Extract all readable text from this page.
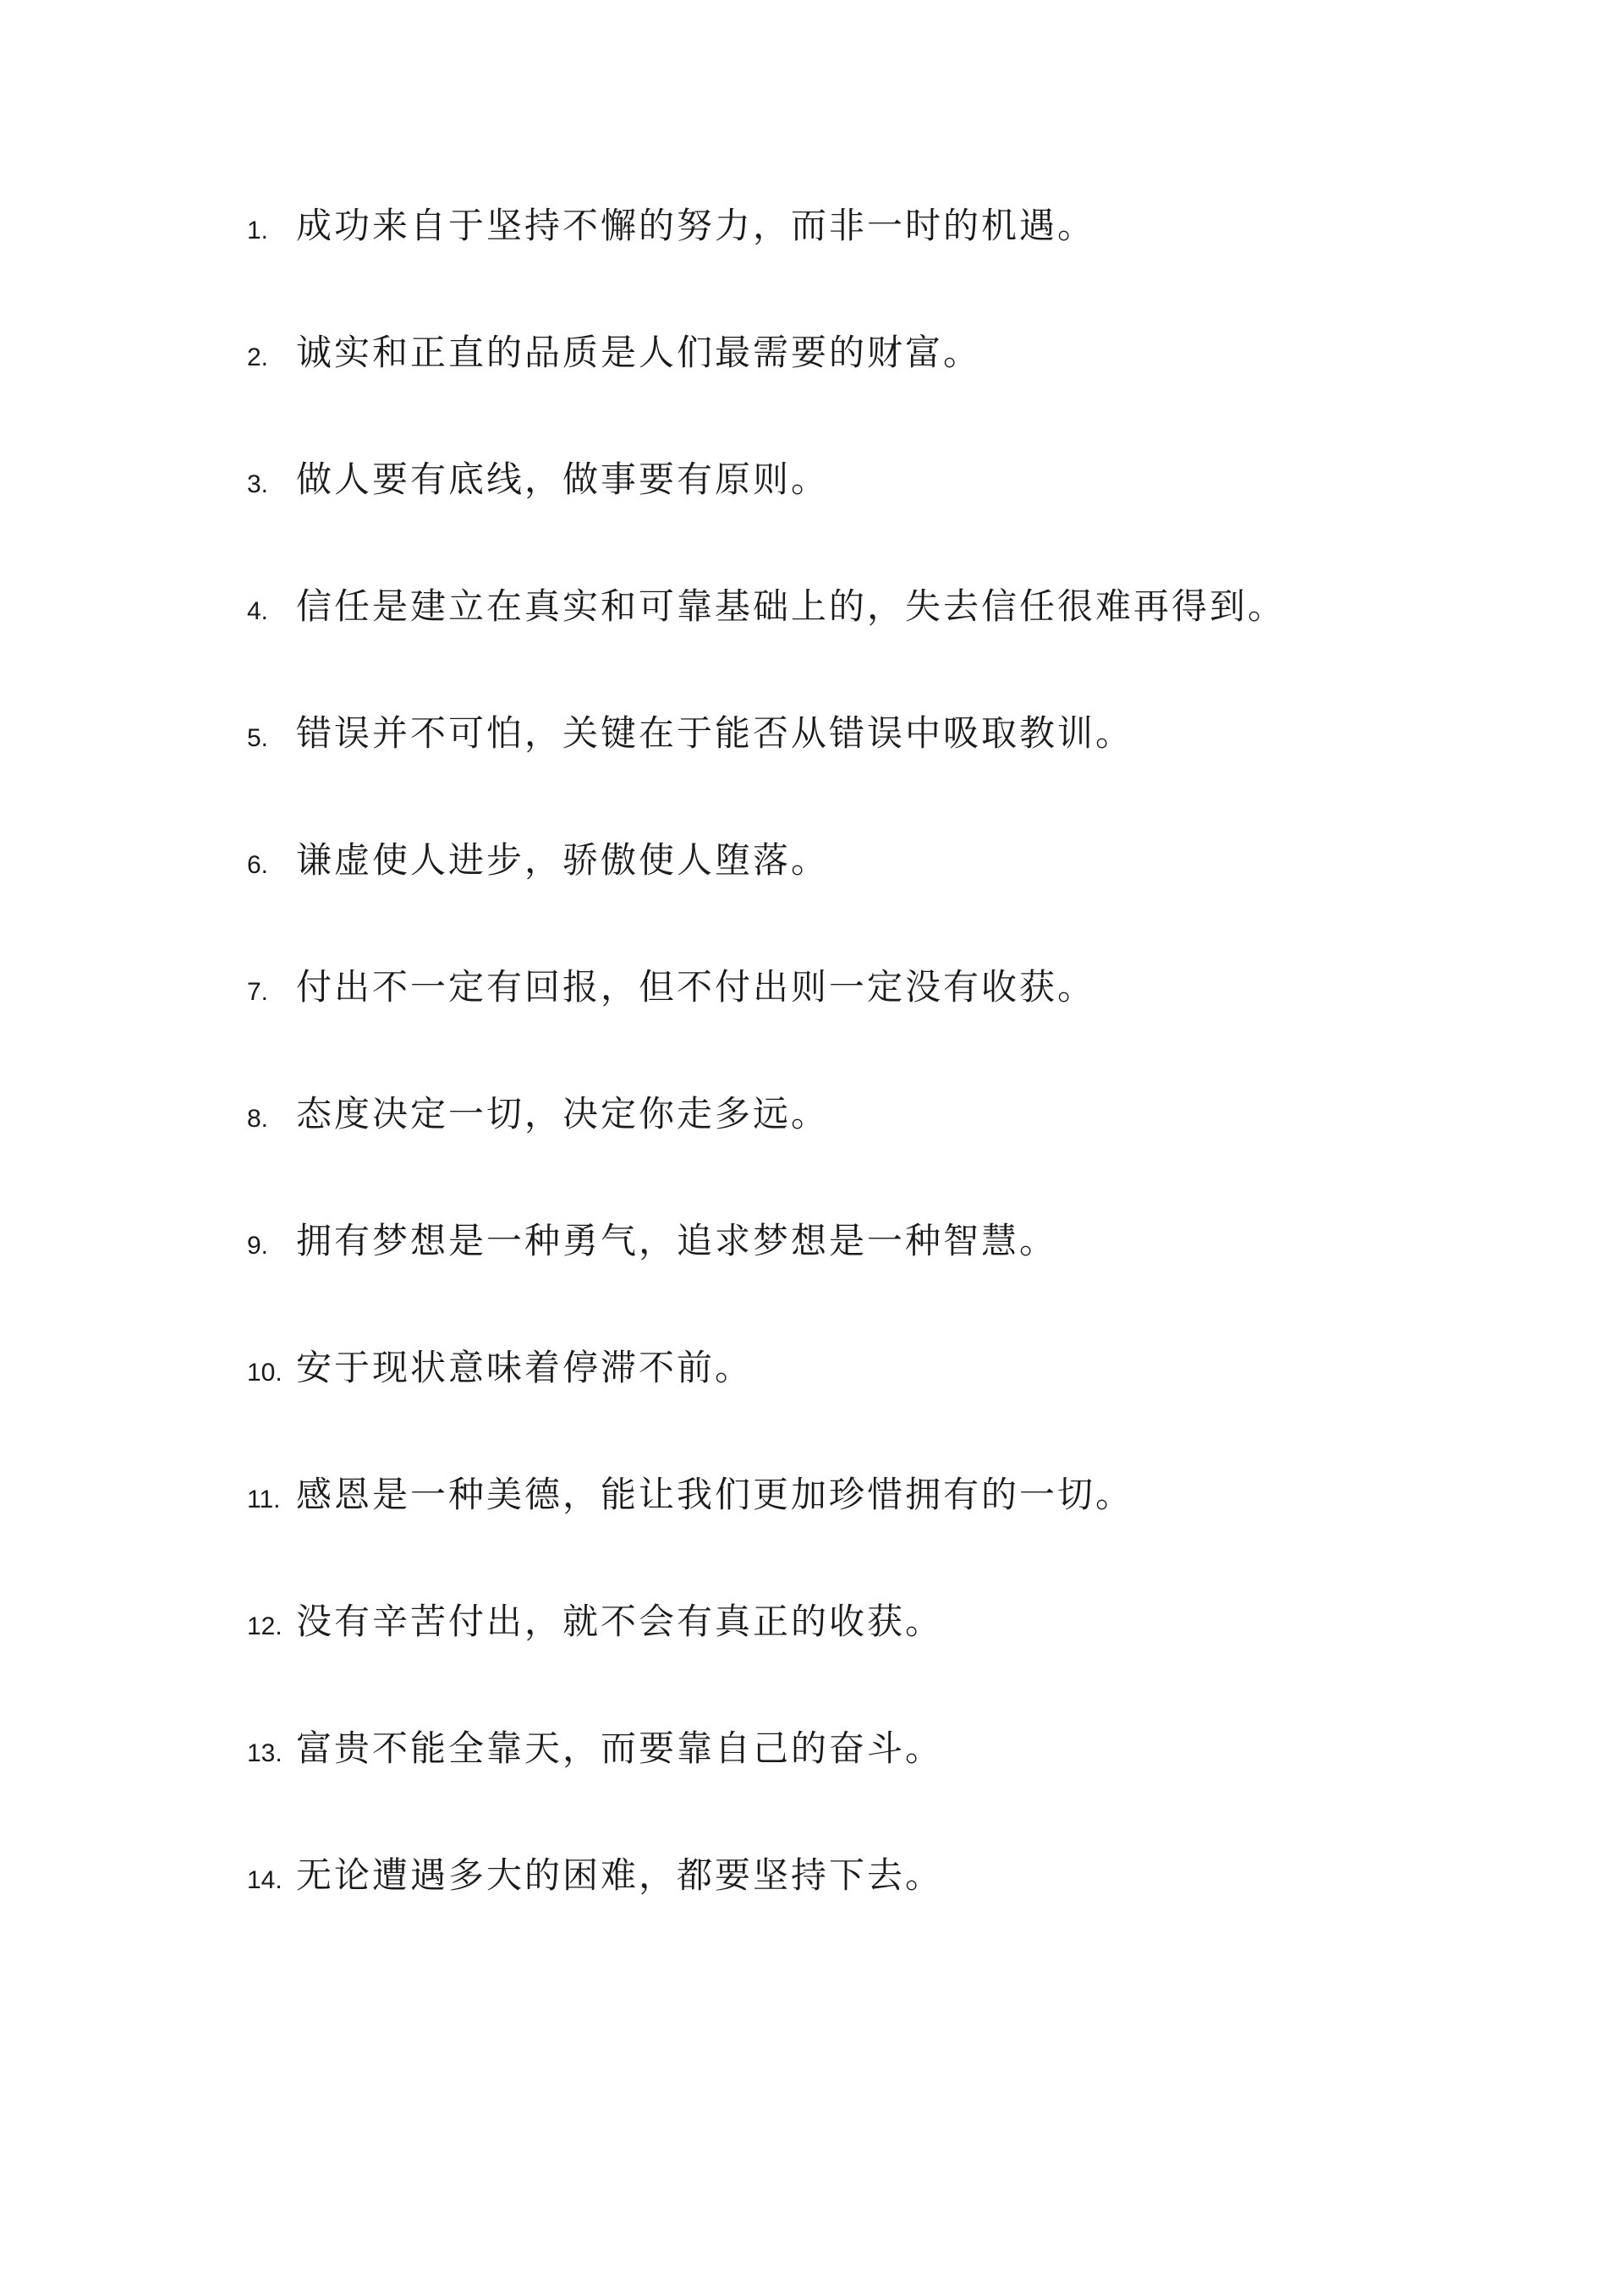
1. 成功来自于坚持不懈的努力，而非一时的机遇。
2. 诚实和正直的品质是人们最需要的财富。
3. 做人要有底线，做事要有原则。
4. 信任是建立在真实和可靠基础上的，失去信任很难再得到。
5. 错误并不可怕，关键在于能否从错误中吸取教训。
6. 谦虚使人进步，骄傲使人堕落。
7. 付出不一定有回报，但不付出则一定没有收获。
8. 态度决定一切，决定你走多远。
9. 拥有梦想是一种勇气，追求梦想是一种智慧。
10. 安于现状意味着停滞不前。
11. 感恩是一种美德，能让我们更加珍惜拥有的一切。
12. 没有辛苦付出，就不会有真正的收获。
13. 富贵不能全靠天，而要靠自己的奋斗。
14. 无论遭遇多大的困难，都要坚持下去。
